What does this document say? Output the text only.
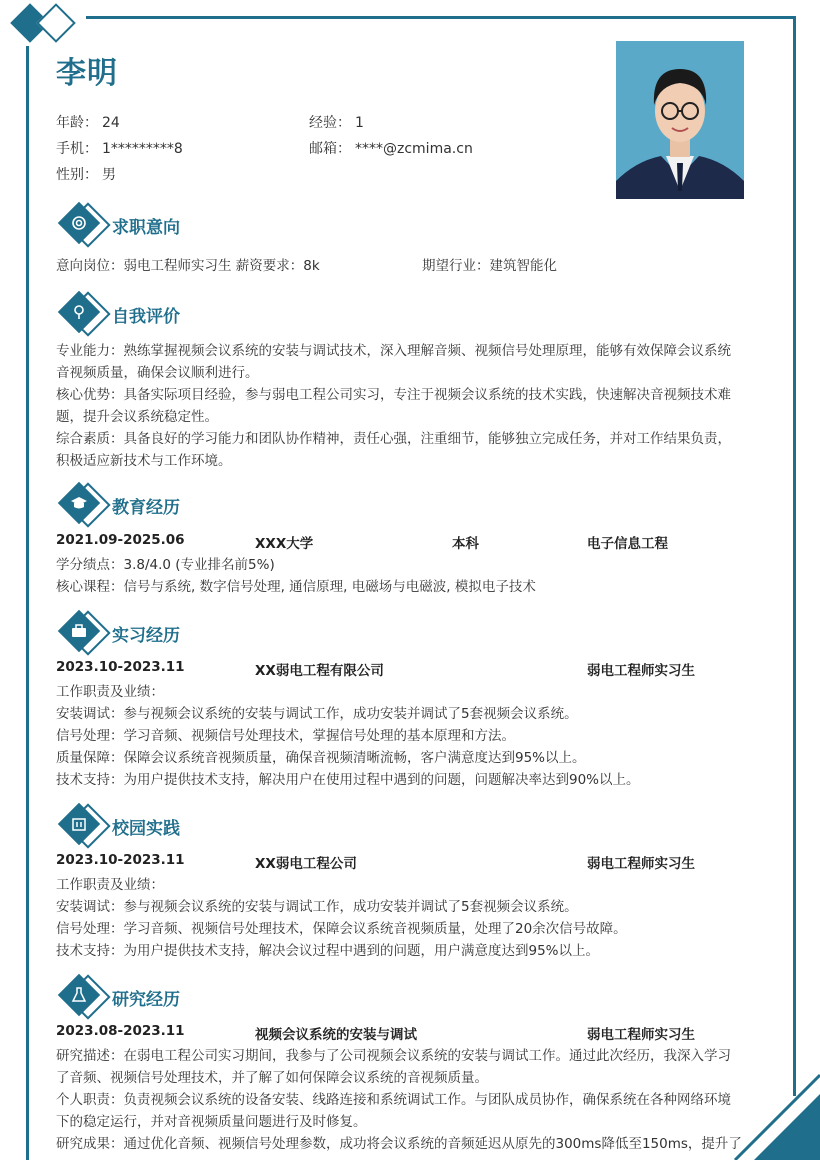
李明
年龄： 24	经验： 1
手机： 1*********8	邮箱： ****@zcmima.cn
性别： 男
求职意向
意向岗位：弱电工程师实习生 薪资要求：8k	期望行业：建筑智能化
自我评价
专业能力：熟练掌握视频会议系统的安装与调试技术，深入理解音频、视频信号处理原理，能够有效保障会议系统
音视频质量，确保会议顺利进行。
核心优势：具备实际项目经验，参与弱电工程公司实习，专注于视频会议系统的技术实践，快速解决音视频技术难
题，提升会议系统稳定性。
综合素质：具备良好的学习能力和团队协作精神，责任心强，注重细节，能够独立完成任务，并对工作结果负责，
积极适应新技术与工作环境。
教育经历
2021.09-2025.06	XXX大学	本科	电子信息工程
学分绩点：3.8/4.0 (专业排名前5%)
核心课程：信号与系统, 数字信号处理, 通信原理, 电磁场与电磁波, 模拟电子技术
实习经历
2023.10-2023.11	XX弱电工程有限公司	弱电工程师实习生
工作职责及业绩：
安装调试：参与视频会议系统的安装与调试工作，成功安装并调试了5套视频会议系统。
信号处理：学习音频、视频信号处理技术，掌握信号处理的基本原理和方法。
质量保障：保障会议系统音视频质量，确保音视频清晰流畅，客户满意度达到95%以上。
技术支持：为用户提供技术支持，解决用户在使用过程中遇到的问题，问题解决率达到90%以上。
校园实践
2023.10-2023.11	XX弱电工程公司	弱电工程师实习生
工作职责及业绩：
安装调试：参与视频会议系统的安装与调试工作，成功安装并调试了5套视频会议系统。
信号处理：学习音频、视频信号处理技术，保障会议系统音视频质量，处理了20余次信号故障。
技术支持：为用户提供技术支持，解决会议过程中遇到的问题，用户满意度达到95%以上。
研究经历
2023.08-2023.11	视频会议系统的安装与调试	弱电工程师实习生
研究描述：在弱电工程公司实习期间，我参与了公司视频会议系统的安装与调试工作。通过此次经历，我深入学习
了音频、视频信号处理技术，并了解了如何保障会议系统的音视频质量。
个人职责：负责视频会议系统的设备安装、线路连接和系统调试工作。与团队成员协作，确保系统在各种网络环境
下的稳定运行，并对音视频质量问题进行及时修复。
研究成果：通过优化音频、视频信号处理参数，成功将会议系统的音频延迟从原先的300ms降低至150ms，提升了
